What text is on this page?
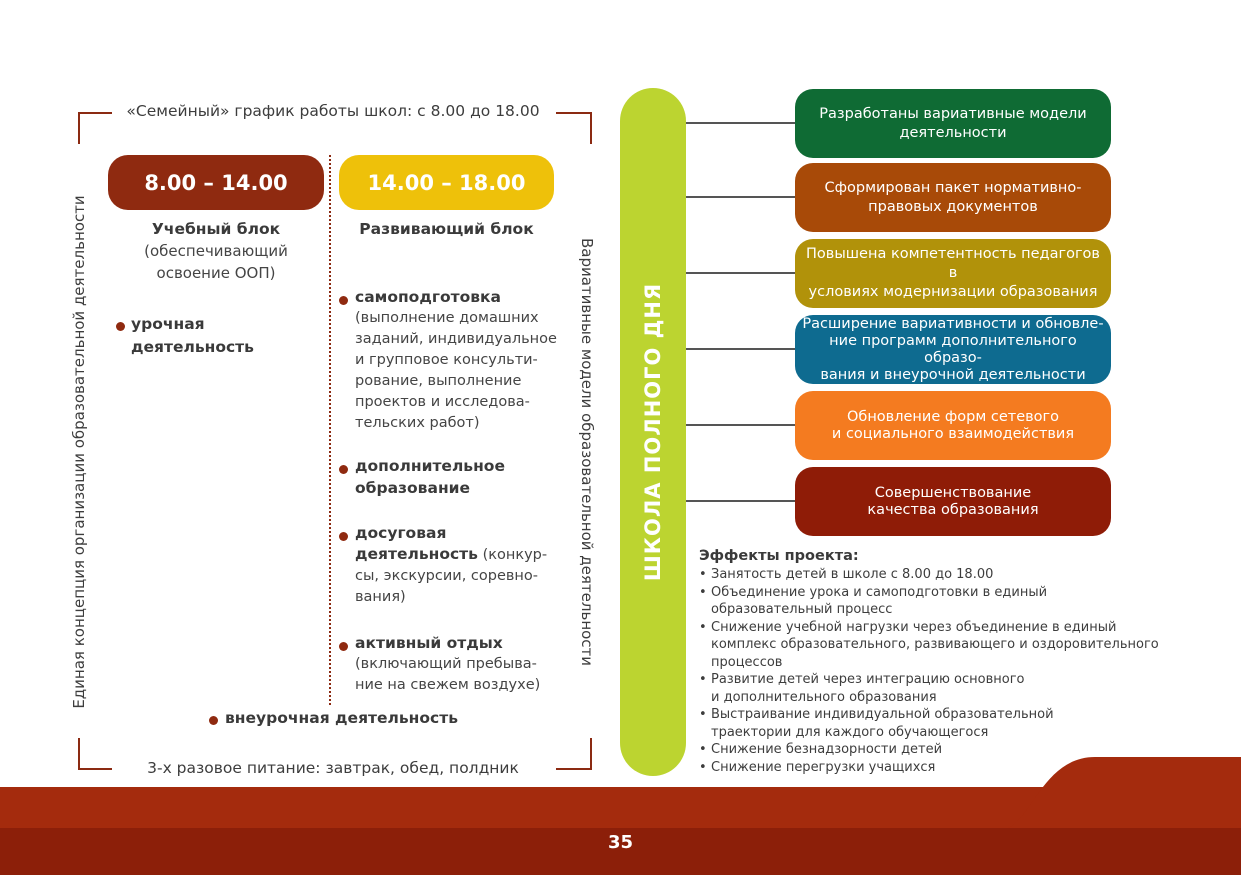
«Семейный» график работы школ: с 8.00 до 18.00
3-х разовое питание: завтрак, обед, полдник
Единая концепция организации образовательной деятельности	Вариативные модели образовательной деятельности
8.00 – 14.00	14.00 – 18.00
Учебный блок
(обеспечивающий
освоение ООП)
урочная
деятельность
Развивающий блок
самоподготовка
(выполнение домашних
заданий, индивидуальное
и групповое консульти-
рование, выполнение
проектов и исследова-
тельских работ)
дополнительное
образование
досуговая
деятельность (конкур-
сы, экскурсии, соревно-
вания)
активный отдых
(включающий пребыва-
ние на свежем воздухе)
внеурочная деятельность
ШКОЛА ПОЛНОГО ДНЯ
Разработаны вариативные модели
деятельности
Сформирован пакет нормативно-
правовых документов
Повышена компетентность педагогов в
условиях модернизации образования
Расширение вариативности и обновле-
ние программ дополнительного образо-
вания и внеурочной деятельности
Обновление форм сетевого
и социального взаимодействия
Совершенствование
качества образования
Эффекты проекта:
• Занятость детей в школе с 8.00 до 18.00
• Объединение урока и самоподготовки в единый
образовательный процесс
• Снижение учебной нагрузки через объединение в единый
комплекс образовательного, развивающего и оздоровительного
процессов
• Развитие детей через интеграцию основного
и дополнительного образования
• Выстраивание индивидуальной образовательной
траектории для каждого обучающегося
• Снижение безнадзорности детей
• Снижение перегрузки учащихся
35
